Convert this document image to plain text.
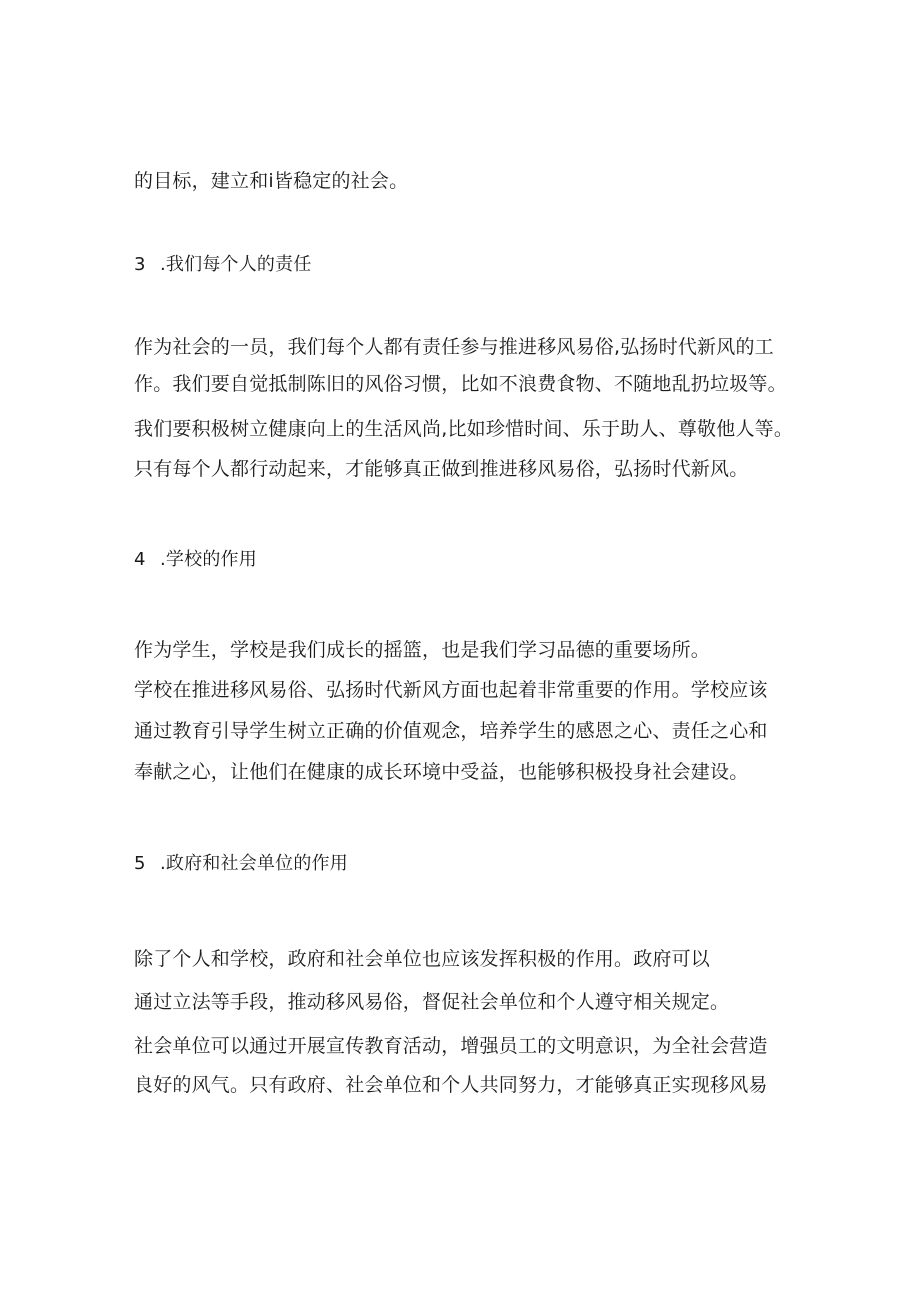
的目标，建立和i皆稳定的社会。
3 .我们每个人的责任
作为社会的一员，我们每个人都有责任参与推进移风易俗,弘扬时代新风的工
作。我们要自觉抵制陈旧的风俗习惯，比如不浪费食物、不随地乱扔垃圾等。
我们要积极树立健康向上的生活风尚,比如珍惜时间、乐于助人、尊敬他人等。
只有每个人都行动起来，才能够真正做到推进移风易俗，弘扬时代新风。
4 .学校的作用
作为学生，学校是我们成长的摇篮，也是我们学习品德的重要场所。
学校在推进移风易俗、弘扬时代新风方面也起着非常重要的作用。学校应该
通过教育引导学生树立正确的价值观念，培养学生的感恩之心、责任之心和
奉献之心，让他们在健康的成长环境中受益，也能够积极投身社会建设。
5 .政府和社会单位的作用
除了个人和学校，政府和社会单位也应该发挥积极的作用。政府可以
通过立法等手段，推动移风易俗，督促社会单位和个人遵守相关规定。
社会单位可以通过开展宣传教育活动，增强员工的文明意识，为全社会营造
良好的风气。只有政府、社会单位和个人共同努力，才能够真正实现移风易
